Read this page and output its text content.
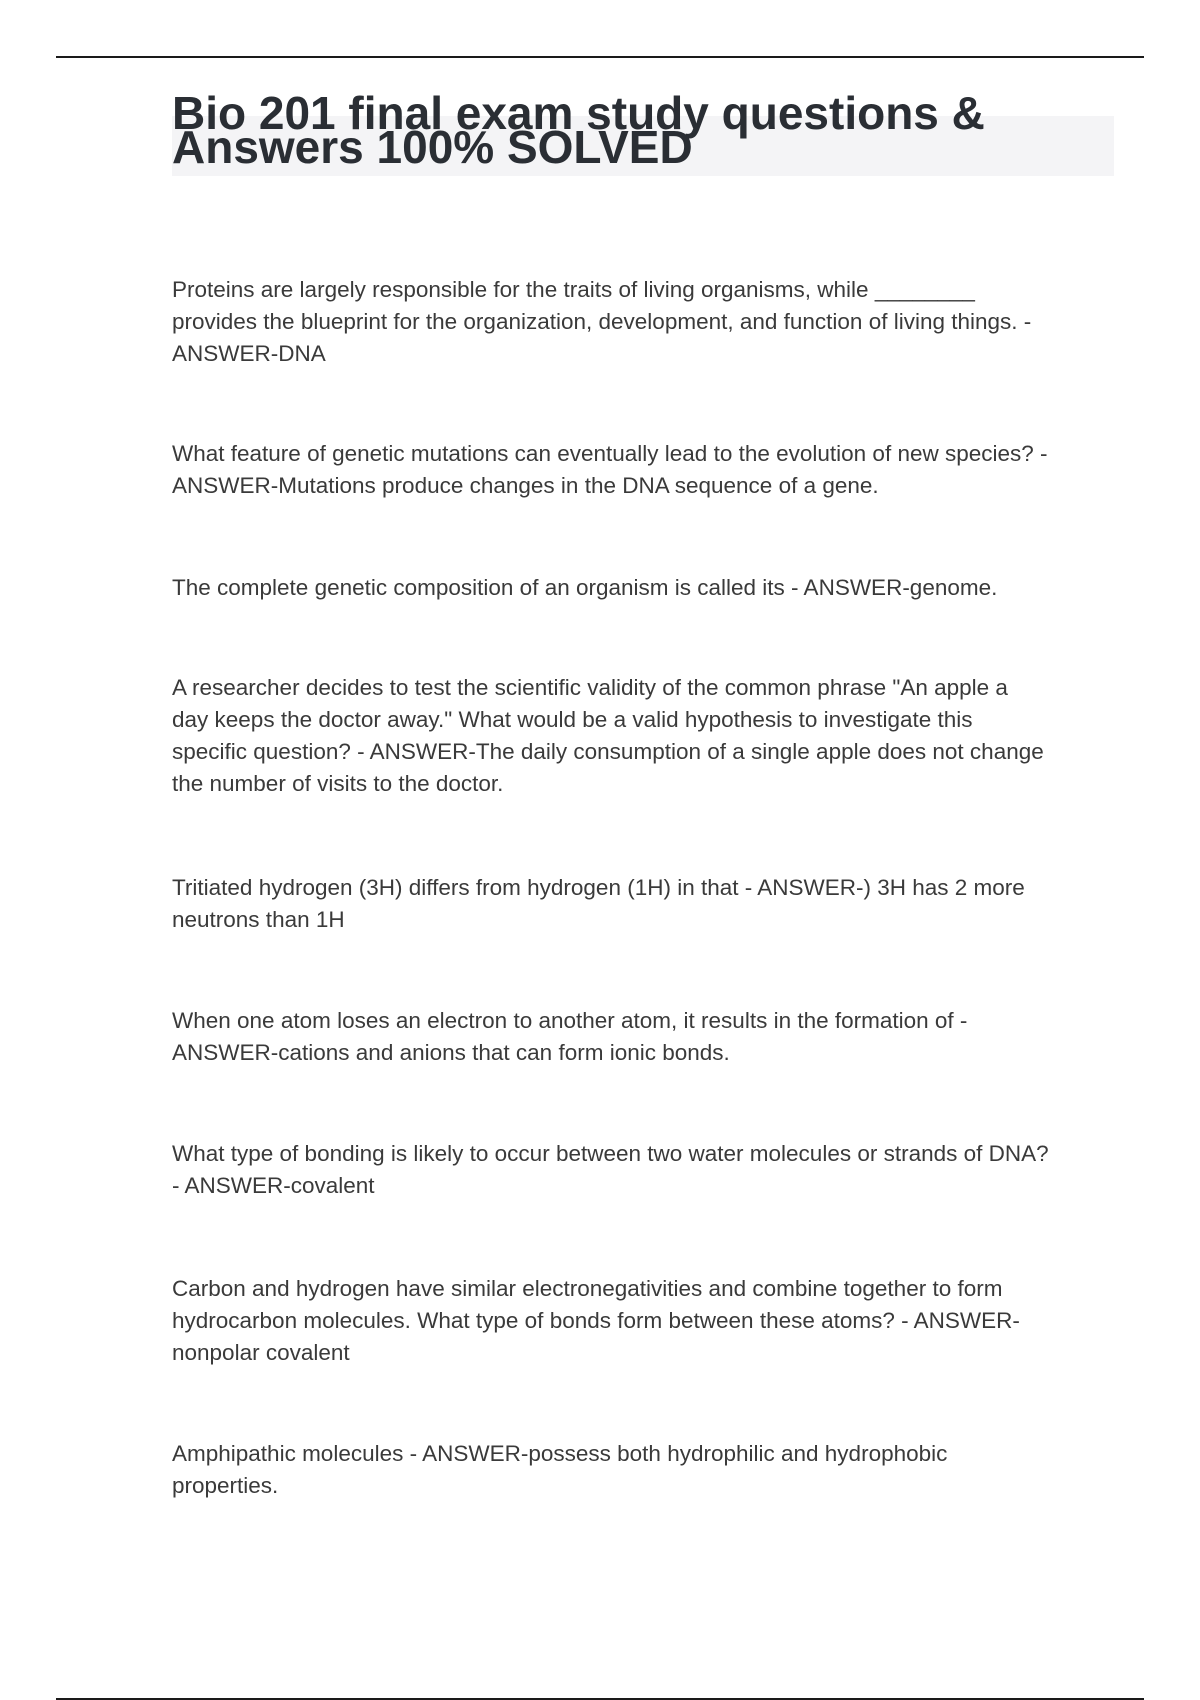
Bio 201 final exam study questions &
Answers 100% SOLVED
Proteins are largely responsible for the traits of living organisms, while ________
provides the blueprint for the organization, development, and function of living things. -
ANSWER-DNA
What feature of genetic mutations can eventually lead to the evolution of new species? -
ANSWER-Mutations produce changes in the DNA sequence of a gene.
The complete genetic composition of an organism is called its - ANSWER-genome.
A researcher decides to test the scientific validity of the common phrase "An apple a
day keeps the doctor away." What would be a valid hypothesis to investigate this
specific question? - ANSWER-The daily consumption of a single apple does not change
the number of visits to the doctor.
Tritiated hydrogen (3H) differs from hydrogen (1H) in that - ANSWER-) 3H has 2 more
neutrons than 1H
When one atom loses an electron to another atom, it results in the formation of -
ANSWER-cations and anions that can form ionic bonds.
What type of bonding is likely to occur between two water molecules or strands of DNA?
- ANSWER-covalent
Carbon and hydrogen have similar electronegativities and combine together to form
hydrocarbon molecules. What type of bonds form between these atoms? - ANSWER-
nonpolar covalent
Amphipathic molecules - ANSWER-possess both hydrophilic and hydrophobic
properties.
